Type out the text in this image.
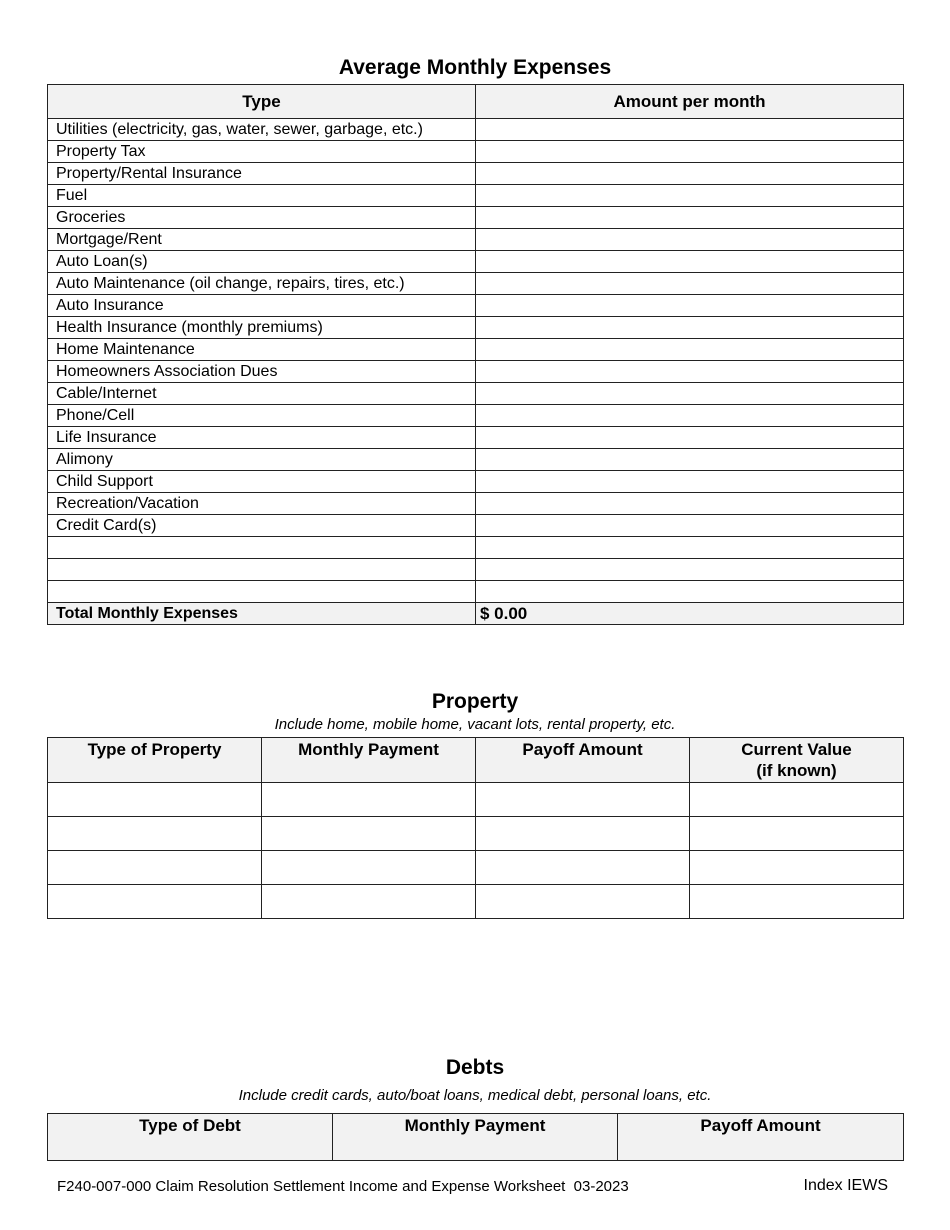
Average Monthly Expenses
Type	Amount per month
Utilities (electricity, gas, water, sewer, garbage, etc.)	
Property Tax	
Property/Rental Insurance	
Fuel	
Groceries	
Mortgage/Rent	
Auto Loan(s)	
Auto Maintenance (oil change, repairs, tires, etc.)	
Auto Insurance	
Health Insurance (monthly premiums)	
Home Maintenance	
Homeowners Association Dues	
Cable/Internet	
Phone/Cell	
Life Insurance	
Alimony	
Child Support	
Recreation/Vacation	
Credit Card(s)	

Total Monthly Expenses	$ 0.00
Property
Include home, mobile home, vacant lots, rental property, etc.
Type of Property	Monthly Payment	Payoff Amount	Current Value
(if known)

Debts
Include credit cards, auto/boat loans, medical debt, personal loans, etc.
Type of Debt	Monthly Payment	Payoff Amount
F240-007-000 Claim Resolution Settlement Income and Expense Worksheet  03-2023	Index IEWS
